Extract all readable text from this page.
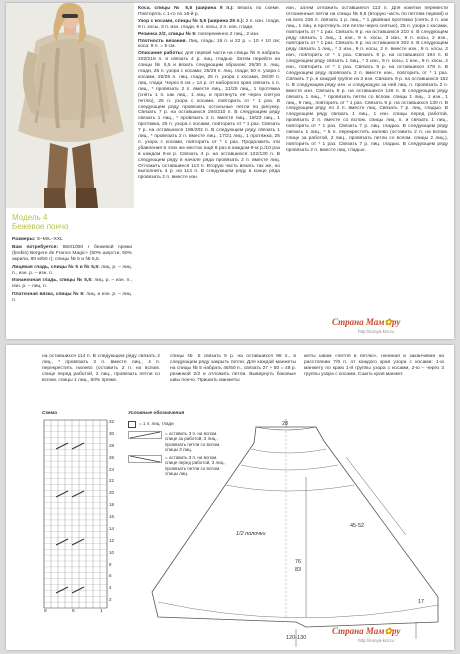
Модель 4
Бежевое пончо

Размеры: S–M/L–XXL

Вам потребуется: 850/1000 г бежевой пряжи (brebis) Bergere de France Magic+ (50% шерсти, 50% акрила, 80 м/50 г); спицы № 5 и № 5,5.

Лицевая гладь, спицы № 5 и № 5,5: лиц. р. – лиц. п., изн. р. – изн. п.

Изнаночная гладь, спицы № 5,5: лиц. р. – изн. п., изн. р. – лиц. п.

Платочная вязка, спицы № 6: лиц. и изн. р. – лиц. п.

Коса, спицы № 5,5 (ширина 9 п.): вязать по схеме. Повторять с 1-го по 16-й р.

Узор с косами, спицы № 5,5 (ширина 25 п.): 2 п. изн. глади, 9 п. косы, 3 п. изн. глади, 9 п. косы, 2 п. изн. глади.

Резинка 2/2, спицы № 5: попеременно 2 лиц., 2 изн.

Плотность вязания. Лиц. гладь: 16 п. и 22 р. = 10 × 10 см; коса: 9 п. = 5 см.

Описание работы: для первой части на спицы № 5 набрать 202/218 п. и связать 4 р. лиц. гладью. Затем перейти на спицы № 5,5 и вязать следующим образом: 26/30 п. лиц. глади, 25 п. узора с косами, 25/29 п. лиц. глади, 50 п. узора с косами, 25/29 п. лиц. глади, 25 п. узора с косами, 26/30 п. лиц. глади. Через 6 см = 14 р. от наборного края связать 1 п. лиц., * провязать 2 п. вместе лиц., 21/25 лиц., 1 протяжка (снять 1 п. как лиц., 1 лиц. и протянуть её через снятую петлю), 25 п. узора с косами, повторить от * 1 раз. В следующем ряду провязать остальные петли по рисунку. Связать 7 р. на оставшихся 194/210 п. В следующем ряду связать 1 лиц., * провязать 2 п. вместе лиц., 19/23 лиц., 1 протяжка, 25 п. узора с косами, повторить от * 1 раз. Связать 7 р. на оставшихся 186/202 п. В следующем ряду связать 1 лиц., * провязать 2 п. вместе лиц., 17/21 лиц., 1 протяжка, 25 п. узора с косами, повторить от * 1 раз. Продолжить эти убавления в этих же местах ещё 8 раз в каждом 8-м р./10 раз в каждом 8-м р. Связать 4 р. на оставшихся 122/130 п. В следующем ряду в начале ряда провязать 2 п. вместе лиц. Отложить оставшиеся 113 п. Вторую часть вязать так же, но выполнить 4 р. на 114 п. В следующем ряду в конце ряда провязать 2 п. вместе изн.

изн., затем отложить оставшиеся 113 п. Для кокетки перевести отложенные петли на спицы № 5,5 (вторую часть по петлям первой) и на всех 226 п. связать 1 р. лиц., * 1 двойная протяжка (снять 2 п. как лиц., 1 лиц. и протянуть эти петли через снятые), 25 п. узора с косами, повторить от * 1 раз. Связать 9 р. на оставшихся 210 п. В следующем ряду связать 1 лиц., 1 изн., 9 п. косы, 3 изн., 9 п. косы, 2 изн., повторить от * 1 раз. Связать 9 р. на оставшихся 202 п. В следующем ряду связать 1 лиц., * 2 изн., 9 п. косы, 2 п. вместе изн., 9 п. косы, 2 изн., повторить от * 1 раз. Связать 9 р. на оставшихся 194 п. В следующем ряду связать 1 лиц., * 2 изн., 9 п. косы, 1 изн., 9 п. косы, 2 изн., повторить от * 1 раз. Связать 9 р. на оставшихся 178 п. В следующем ряду провязать 2 п. вместе изн., повторить от * 1 раз. Связать 7 р. в каждой группе из 2 изн. Связать 9 р. на оставшихся 162 п. В следующем ряду изн. и следующую за ней лиц. п. провязать 2 п. вместе изн. Связать 9 р. на оставшихся 146 п. В следующем ряду связать 1 лиц., * провязать петли со вспом. спицы 1 лиц., 1 изн., 1 лиц., 9 лиц., повторить от * 1 раз. Связать 9 р. на оставшихся 130 п. В следующем ряду по 2 п. вместе лиц. Связать 7 р. лиц. гладью. В следующем ряду связать 1 лиц., 1 изн. спицы перед работой, провязать 2 п. вместе со вспом. спицы лиц. п. и связать 1 лиц., повторить от * 1 раз. Связать 7 р. лиц. гладью. В следующем ряду связать 1 лиц., * 5 п. перекрестить налево (оставить 2 п. на вспом. спице за работой, 2 лиц., провязать петли со вспом. спицы 2 лиц.), повторить от * 1 раз. Связать 7 р. лиц. гладью. В следующем ряду провязать 2 п. вместе лиц. гладью.
Страна Мам✿ру
http://sonya-kot.ru
на оставшихся 114 п. В следующем ряду связать 2 лиц., * провязать 2 п. вместе лиц., 4 п. перекрестить налево (оставить 2 п. на вспом. спице перед работой, 2 лиц., провязать петли со вспом. спицы 1 лиц., 50% пряжи.
спицы № 5 связать 5 р. на оставшихся 98 п., в следующем ряду закрыть петли. Для каждой манжеты на спицы № 5 набрать 46/50 п., связать 27 + 50 = 48 р. резинкой 2/2 и отложить петли. Вывернуть боковые швы пончо. Пришить манжеты
жеты швом «петля в петлю», начиная и заканчивая на расстоянии 7/9 п. от каждого края узора с косами: 1-ю манжету по краю 1-й группы узора с косами, 2-ю – через 3 группы узора с косами. Сшить края манжет.
Схема
32
30
28
26
24
22
20
18
16
14
12
10
8
6
4
2
9	5	1
Условные обозначения
= 1 п. лиц. глади
= оставить 3 п. на вспом. спице за работой, 3 лиц., провязать петли со вспом. спицы 3 лиц.
= оставить 3 п. на вспом. спице перед работой, 3 лиц., провязать петли со вспом. спицы лиц.
28
1/2 полочки
45-52
76
83
17
120-130
Страна Мам✿ру
http://sonya-kot.ru
